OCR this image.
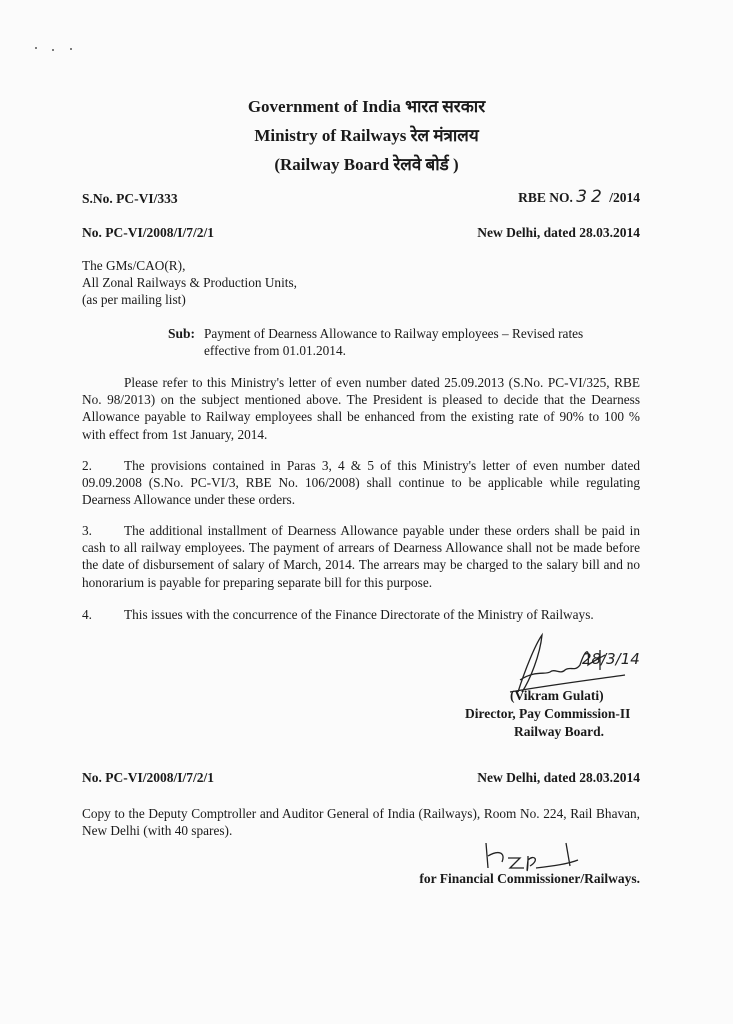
Government of India भारत सरकार
Ministry of Railways रेल मंत्रालय
(Railway Board रेलवे बोर्ड )
S.No. PC-VI/333	RBE NO. 32 /2014
No. PC-VI/2008/I/7/2/1	New Delhi, dated 28.03.2014
The GMs/CAO(R),
All Zonal Railways & Production Units,
(as per mailing list)
Sub: Payment of Dearness Allowance to Railway employees – Revised rates effective from 01.01.2014.
Please refer to this Ministry's letter of even number dated 25.09.2013 (S.No. PC-VI/325, RBE No. 98/2013) on the subject mentioned above. The President is pleased to decide that the Dearness Allowance payable to Railway employees shall be enhanced from the existing rate of 90% to 100 % with effect from 1st January, 2014.
2. The provisions contained in Paras 3, 4 & 5 of this Ministry's letter of even number dated 09.09.2008 (S.No. PC-VI/3, RBE No. 106/2008) shall continue to be applicable while regulating Dearness Allowance under these orders.
3. The additional installment of Dearness Allowance payable under these orders shall be paid in cash to all railway employees. The payment of arrears of Dearness Allowance shall not be made before the date of disbursement of salary of March, 2014. The arrears may be charged to the salary bill and no honorarium is payable for preparing separate bill for this purpose.
4. This issues with the concurrence of the Finance Directorate of the Ministry of Railways.
28/3/14
(Vikram Gulati)
Director, Pay Commission-II
Railway Board.
No. PC-VI/2008/I/7/2/1	New Delhi, dated 28.03.2014
Copy to the Deputy Comptroller and Auditor General of India (Railways), Room No. 224, Rail Bhavan, New Delhi (with 40 spares).
for Financial Commissioner/Railways.
